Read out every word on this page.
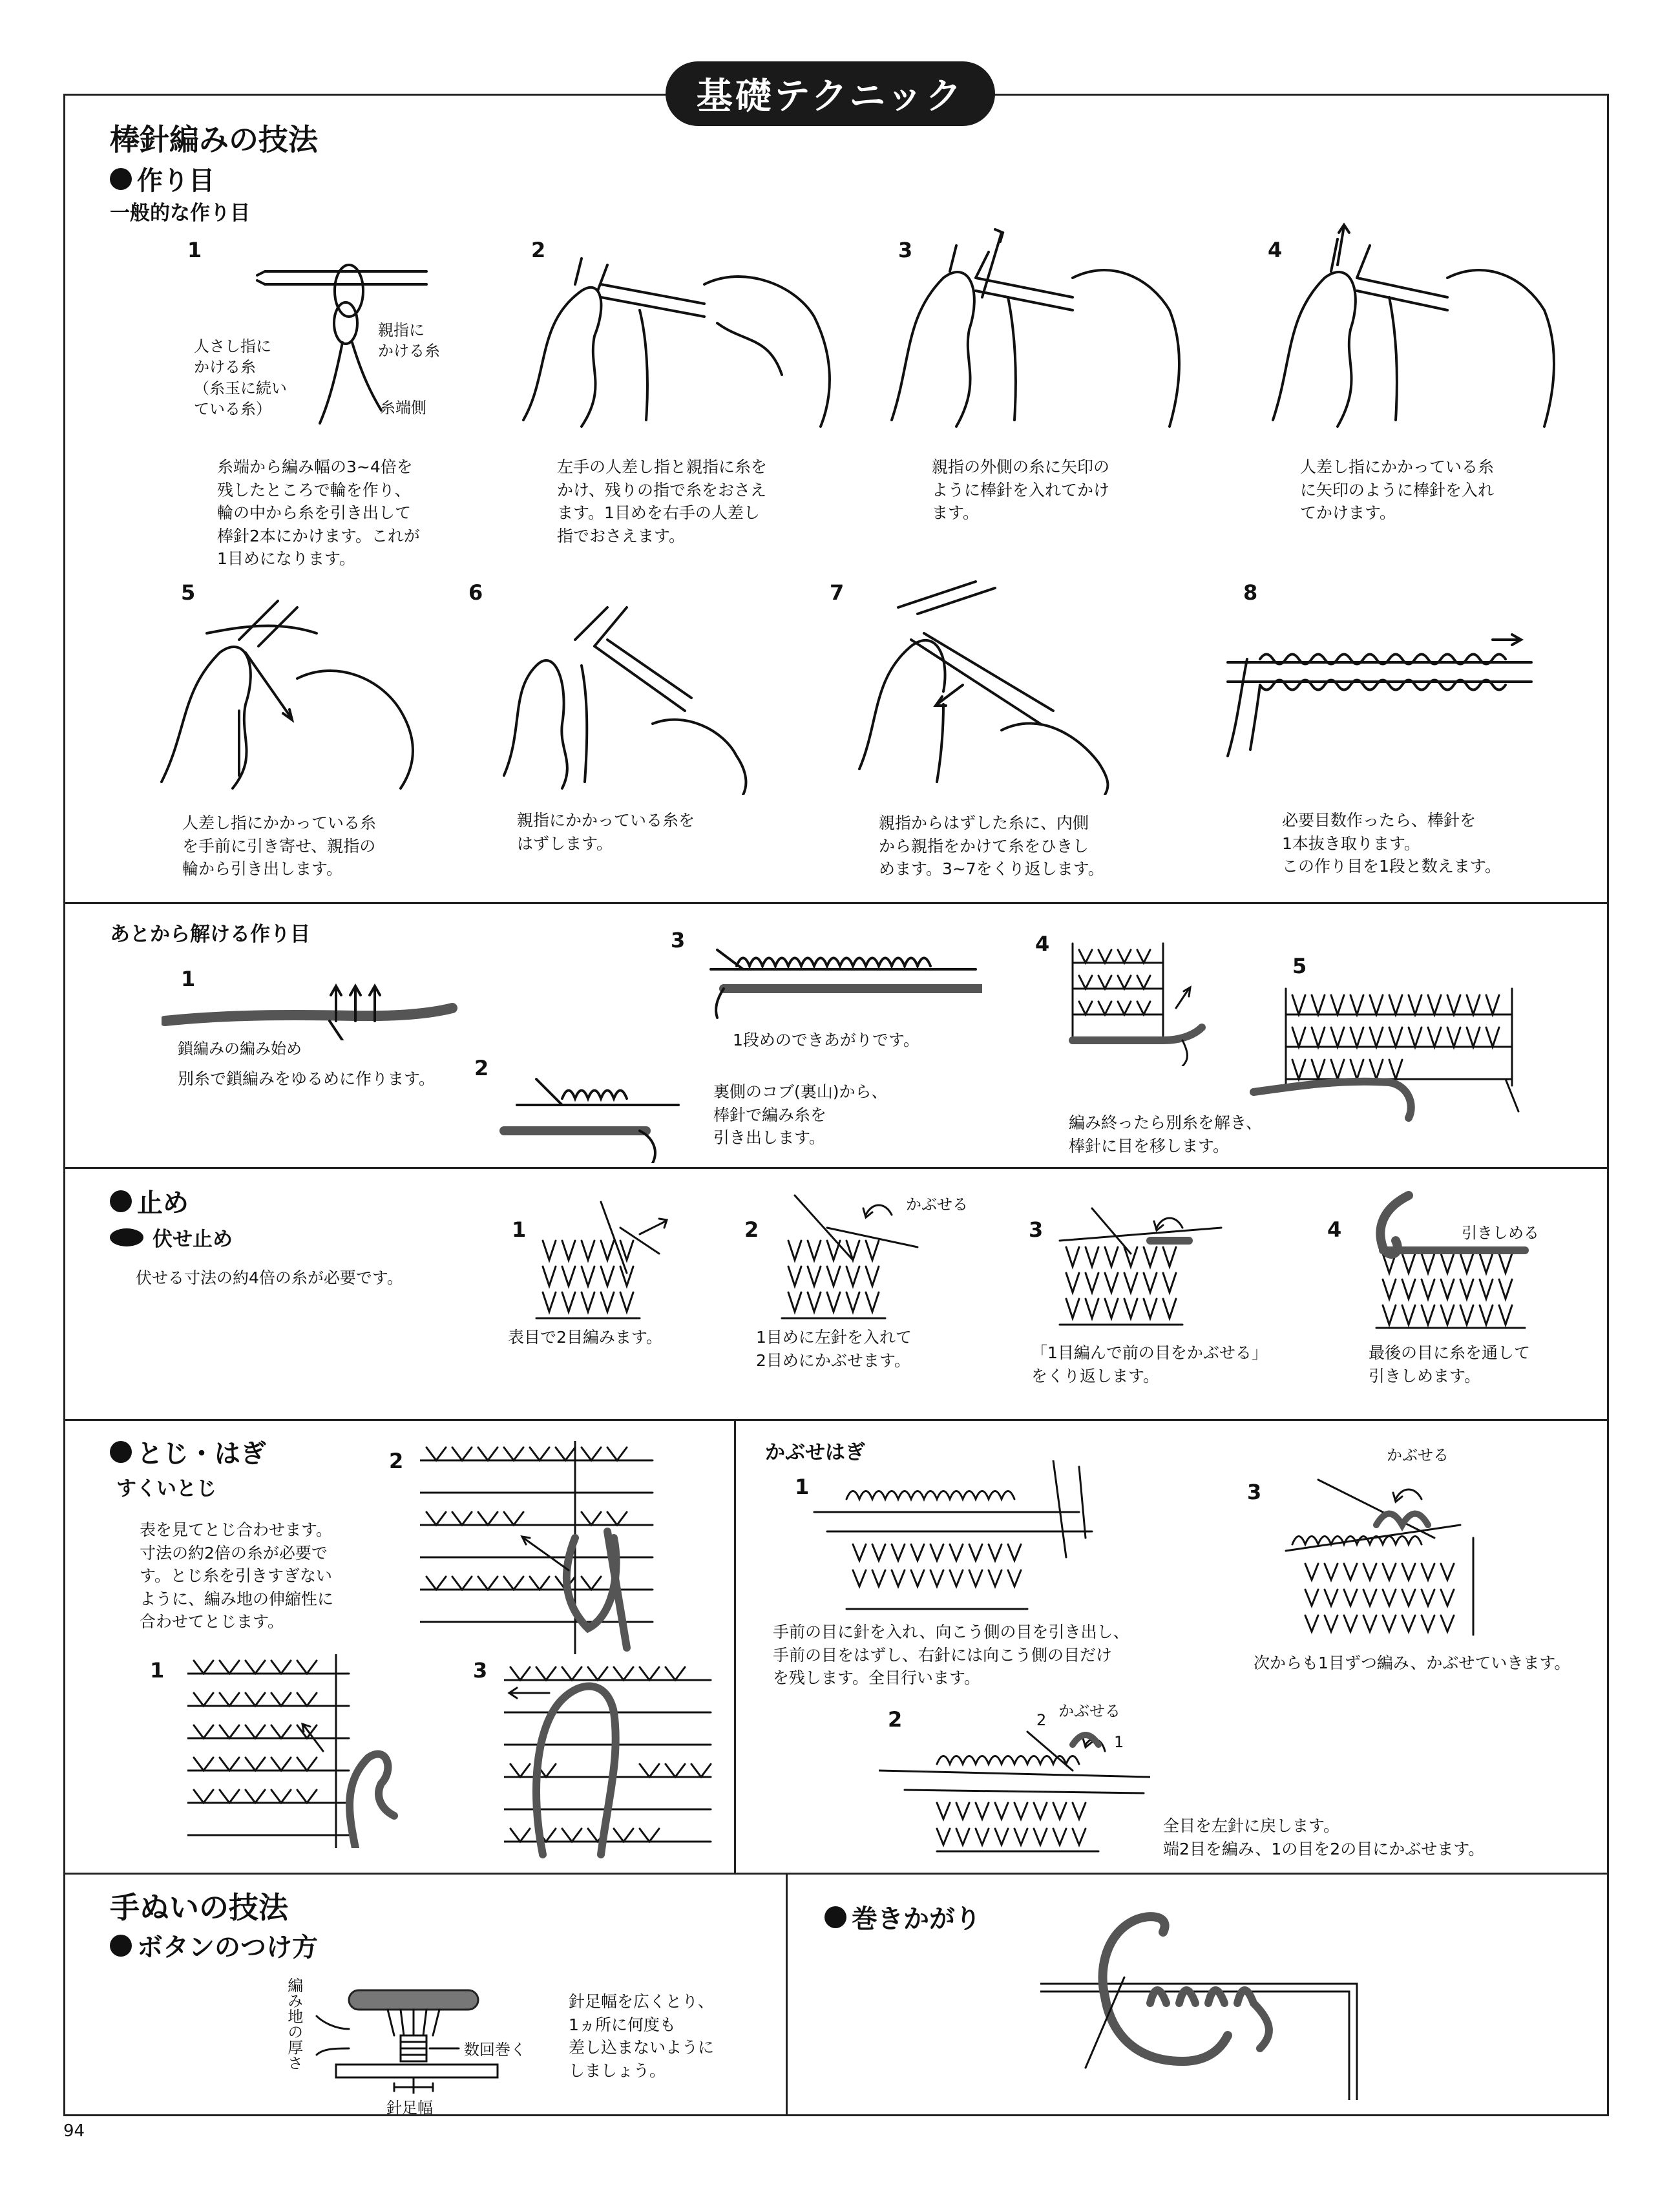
基礎テクニック
棒針編みの技法
作り目
一般的な作り目
人さし指に
かける糸
（糸玉に続い
ている糸）
親指に
かける糸
糸端側
1	2	3	4
糸端から編み幅の3~4倍を
残したところで輪を作り、
輪の中から糸を引き出して
棒針2本にかけます。これが
1目めになります。
左手の人差し指と親指に糸を
かけ、残りの指で糸をおさえ
ます。1目めを右手の人差し
指でおさえます。
親指の外側の糸に矢印の
ように棒針を入れてかけ
ます。
人差し指にかかっている糸
に矢印のように棒針を入れ
てかけます。
5	6	7	8
人差し指にかかっている糸
を手前に引き寄せ、親指の
輪から引き出します。
親指にかかっている糸を
はずします。
親指からはずした糸に、内側
から親指をかけて糸をひきし
めます。3~7をくり返します。
必要目数作ったら、棒針を
1本抜き取ります。
この作り目を1段と数えます。
あとから解ける作り目
1
鎖編みの編み始め
別糸で鎖編みをゆるめに作ります。 2
裏側のコブ(裏山)から、
棒針で編み糸を
引き出します。
3
1段めのできあがりです。
4
5
編み終ったら別糸を解き、
棒針に目を移します。
止め
伏せ止め
伏せる寸法の約4倍の糸が必要です。
1
表目で2目編みます。
2
かぶせる
1目めに左針を入れて
2目めにかぶせます。
3
「1目編んで前の目をかぶせる」
をくり返します。
4	引きしめる
最後の目に糸を通して
引きしめます。
とじ・はぎ
すくいとじ
表を見てとじ合わせます。
寸法の約2倍の糸が必要で
す。とじ糸を引きすぎない
ように、編み地の伸縮性に
合わせてとじます。
1
2
3
かぶせはぎ
1
手前の目に針を入れ、向こう側の目を引き出し、
手前の目をはずし、右針には向こう側の目だけ
を残します。全目行います。
2	かぶせる
2
1
全目を左針に戻します。
端2目を編み、1の目を2の目にかぶせます。
3
かぶせる
次からも1目ずつ編み、かぶせていきます。
手ぬいの技法
ボタンのつけ方
編み地の厚さ	数回巻く
針足幅
針足幅を広くとり、
1ヵ所に何度も
差し込まないように
しましょう。
巻きかがり
94
